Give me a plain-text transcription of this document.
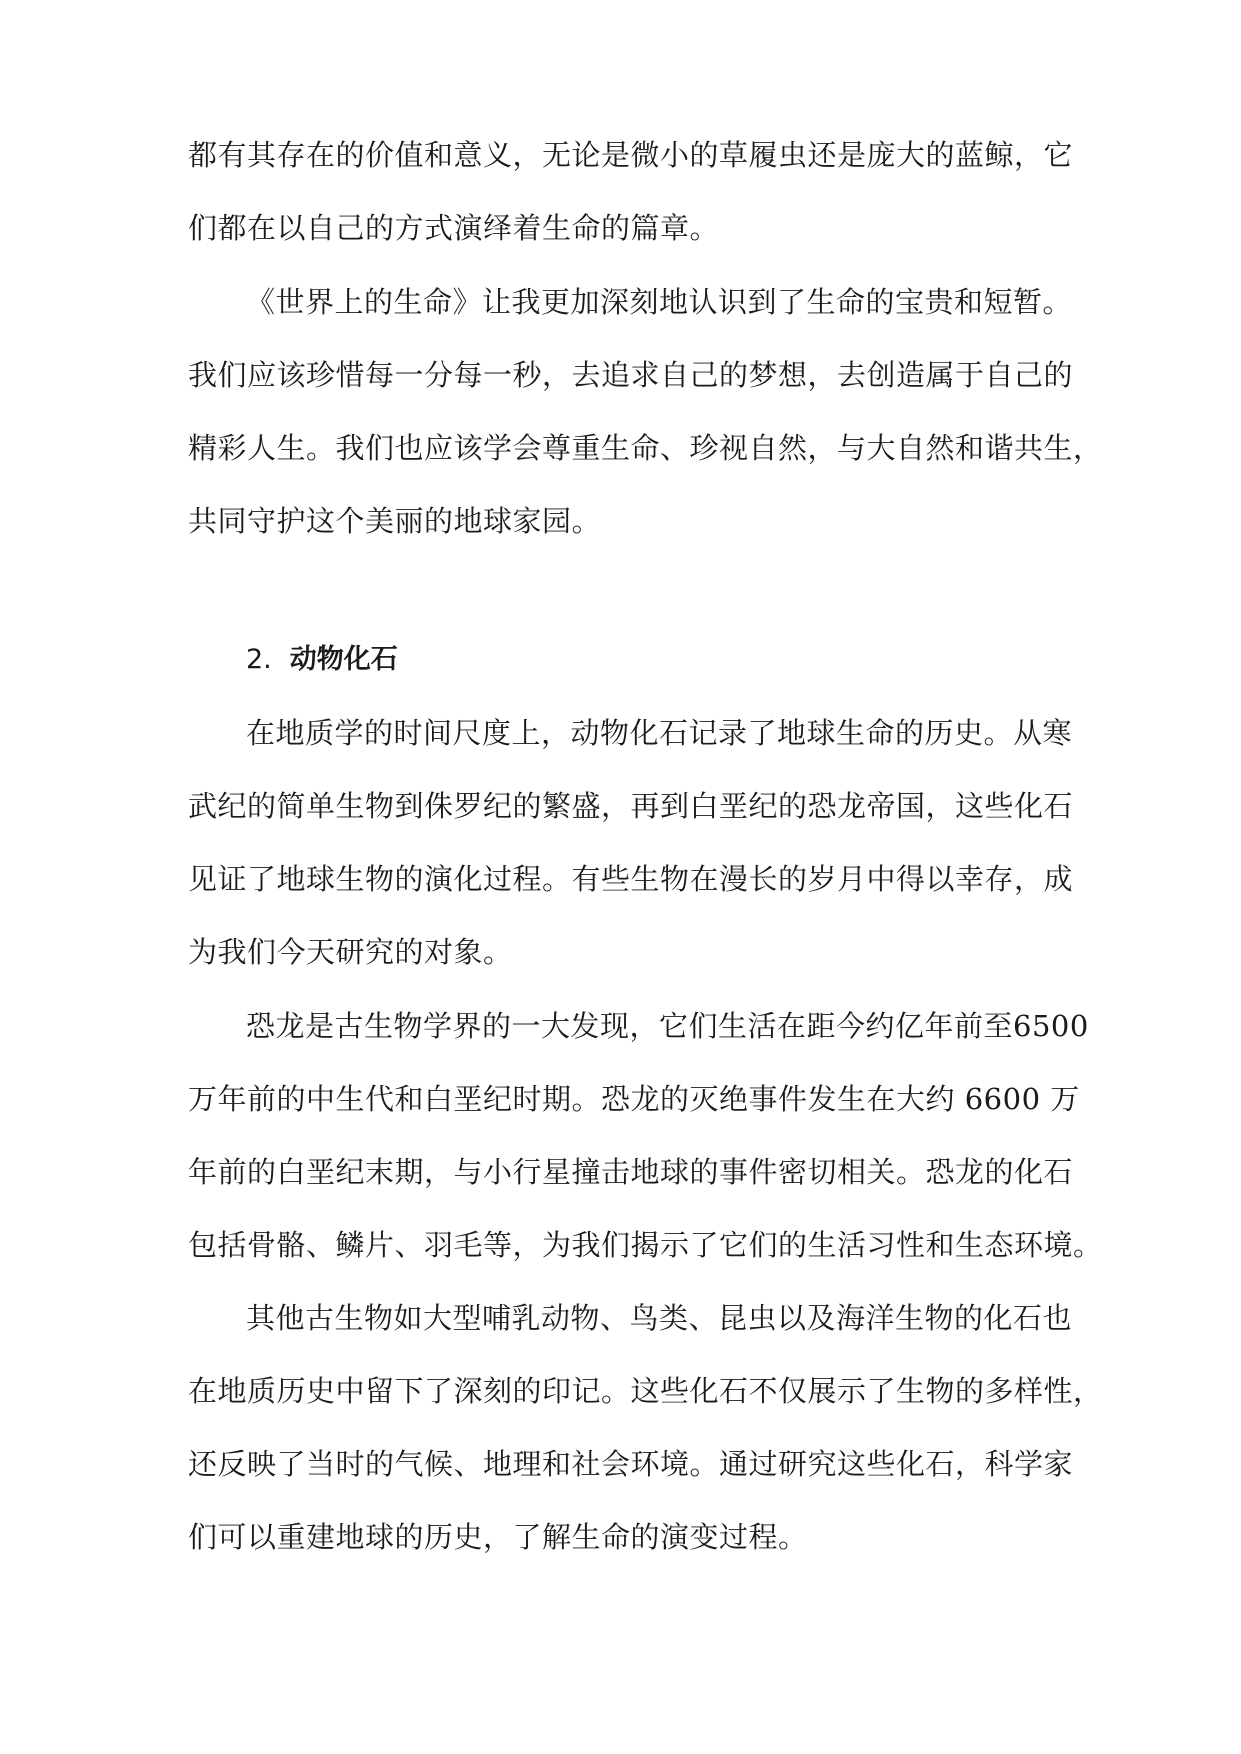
都有其存在的价值和意义，无论是微小的草履虫还是庞大的蓝鲸，它
们都在以自己的方式演绎着生命的篇章。
《世界上的生命》让我更加深刻地认识到了生命的宝贵和短暂。
我们应该珍惜每一分每一秒，去追求自己的梦想，去创造属于自己的
精彩人生。我们也应该学会尊重生命、珍视自然，与大自然和谐共生，
共同守护这个美丽的地球家园。
2. 动物化石
在地质学的时间尺度上，动物化石记录了地球生命的历史。从寒
武纪的简单生物到侏罗纪的繁盛，再到白垩纪的恐龙帝国，这些化石
见证了地球生物的演化过程。有些生物在漫长的岁月中得以幸存，成
为我们今天研究的对象。
恐龙是古生物学界的一大发现，它们生活在距今约亿年前至6500
万年前的中生代和白垩纪时期。恐龙的灭绝事件发生在大约 6600 万
年前的白垩纪末期，与小行星撞击地球的事件密切相关。恐龙的化石
包括骨骼、鳞片、羽毛等，为我们揭示了它们的生活习性和生态环境。
其他古生物如大型哺乳动物、鸟类、昆虫以及海洋生物的化石也
在地质历史中留下了深刻的印记。这些化石不仅展示了生物的多样性，
还反映了当时的气候、地理和社会环境。通过研究这些化石，科学家
们可以重建地球的历史，了解生命的演变过程。
